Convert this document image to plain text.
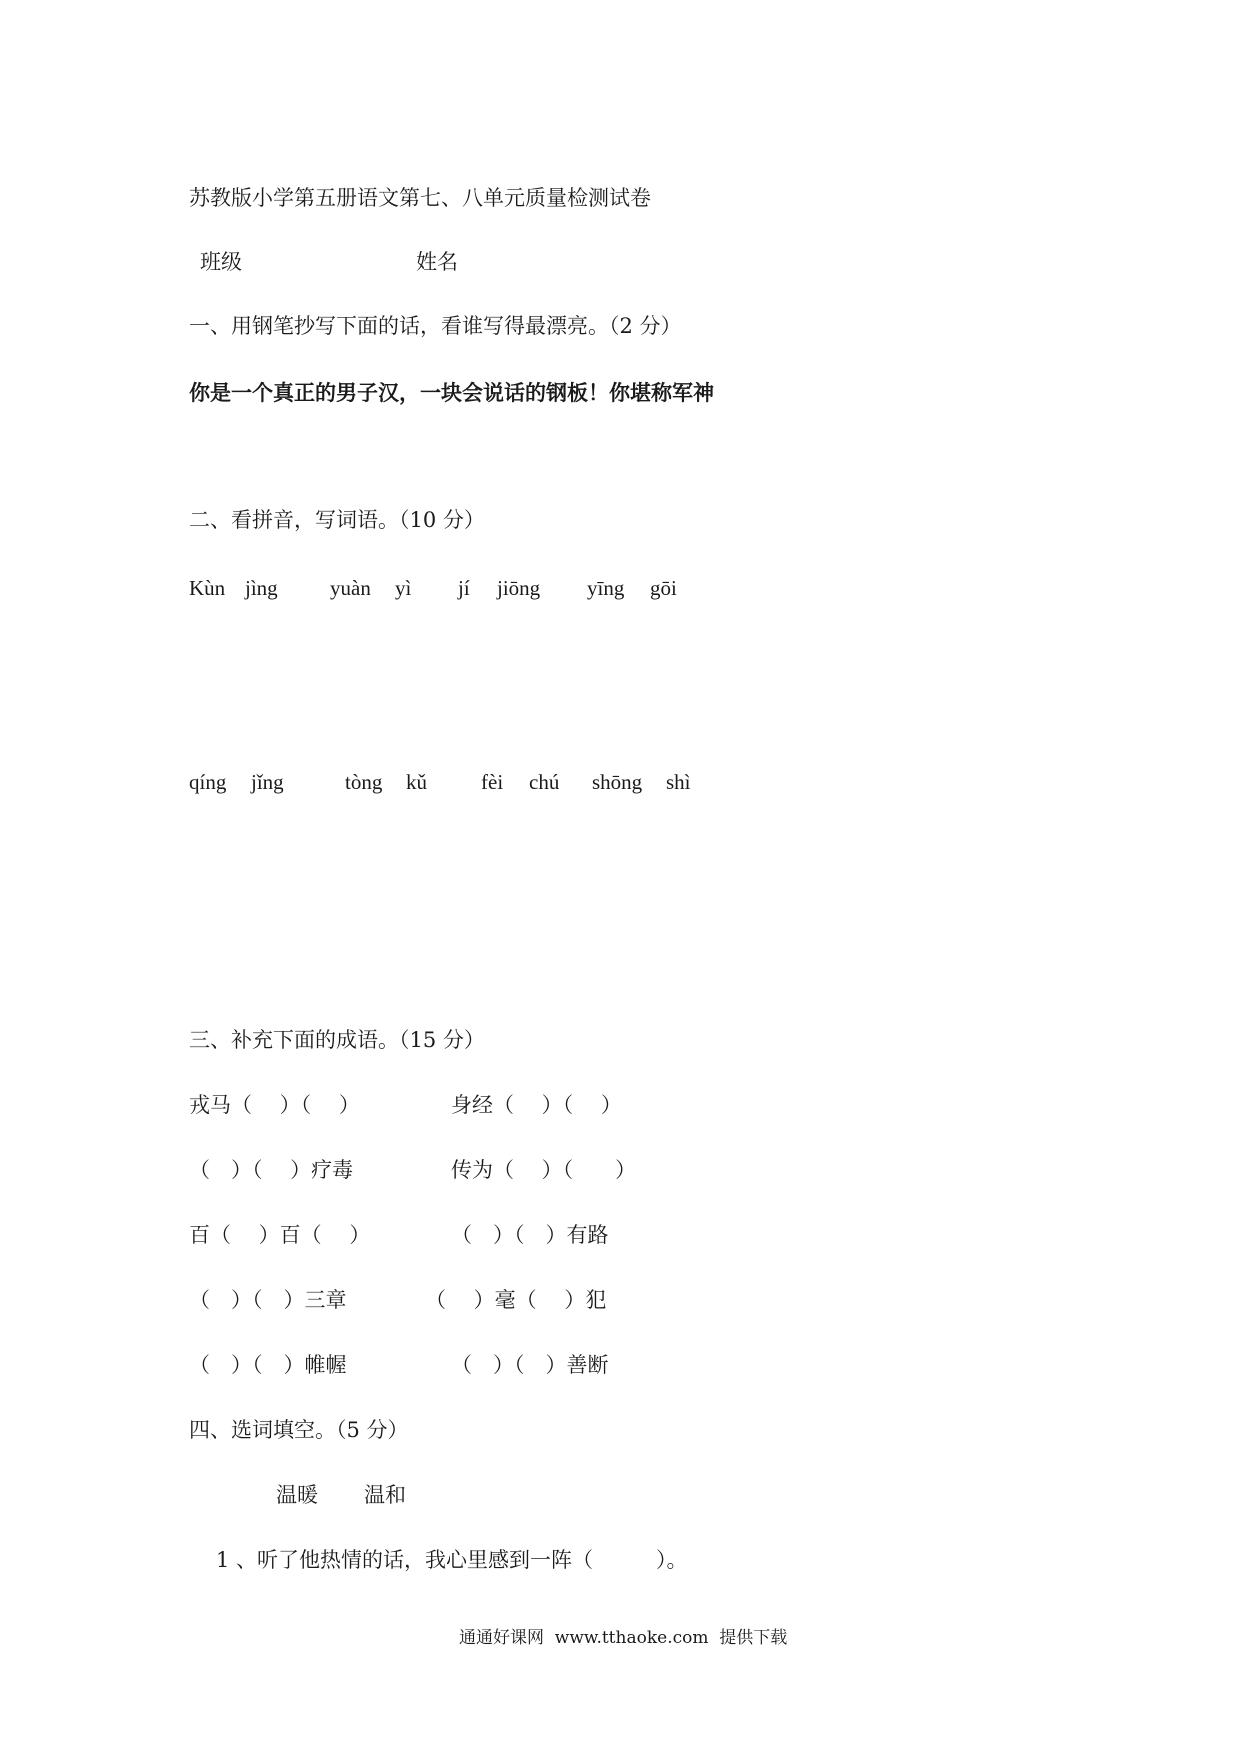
苏教版小学第五册语文第七、八单元质量检测试卷
班级	姓名
一、用钢笔抄写下面的话，看谁写得最漂亮。（2 分）
你是一个真正的男子汉，一块会说话的钢板！你堪称军神
二、看拼音，写词语。（10 分）
Kùn jìng yuàn yì jí jiōng yīng gōi
qíng jǐng	tòng kǔ	fèi chú shōng shì
三、补充下面的成语。（15 分）
戎马（　 ）（　 ）	身经（　 ）（　 ）
（　）（　 ）疗毒	传为（　 ）（　　）
百（　 ）百（　 ）	（　）（　）有路
（　）（　）三章	（　 ）毫（　 ）犯
（　）（　）帷幄	（　）（　）善断
四、选词填空。（5 分）
温暖 温和
1 、听了他热情的话，我心里感到一阵（　　　）。
通通好课网  www.tthaoke.com  提供下载
